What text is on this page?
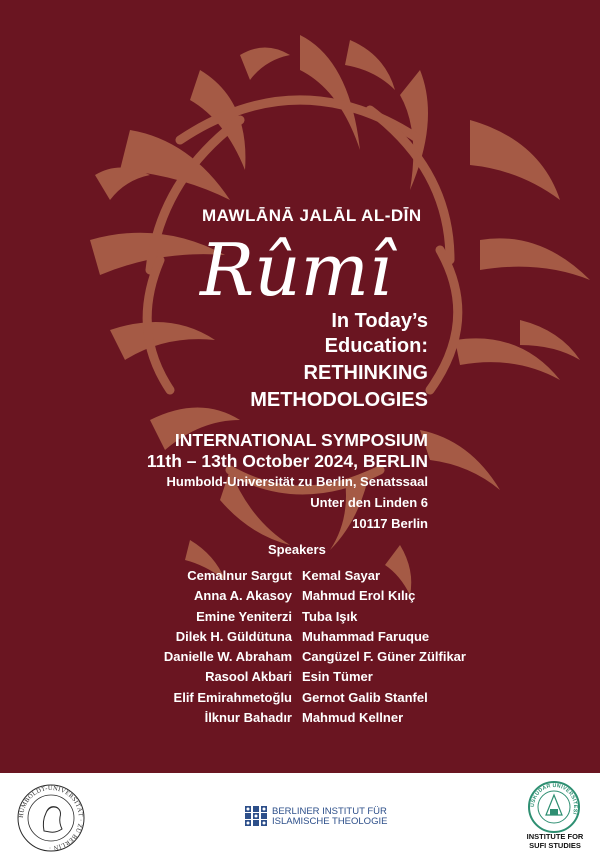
MAWLĀNĀ JALĀL AL-DĪN
Rûmî
In Today’s
Education:
RETHINKING
METHODOLOGIES
INTERNATIONAL SYMPOSIUM
11th – 13th October 2024, BERLIN
Humbold-Universität zu Berlin, Senatssaal
Unter den Linden 6
10117 Berlin
Speakers
Cemalnur Sargut
Anna A. Akasoy
Emine Yeniterzi
Dilek H. Güldütuna
Danielle W. Abraham
Rasool Akbari
Elif Emirahmetoğlu
İlknur Bahadır
Kemal Sayar
Mahmud Erol Kılıç
Tuba Işık
Muhammad Faruque
Cangüzel F. Güner Zülfikar
Esin Tümer
Gernot Galib Stanfel
Mahmud Kellner
HUMBOLDT-UNIVERSITÄT · ZU BERLIN ·
BERLINER INSTITUT FÜR
ISLAMISCHE THEOLOGIE
ÜSKÜDAR ÜNİVERSİTESİ
INSTITUTE FOR
SUFI STUDIES
